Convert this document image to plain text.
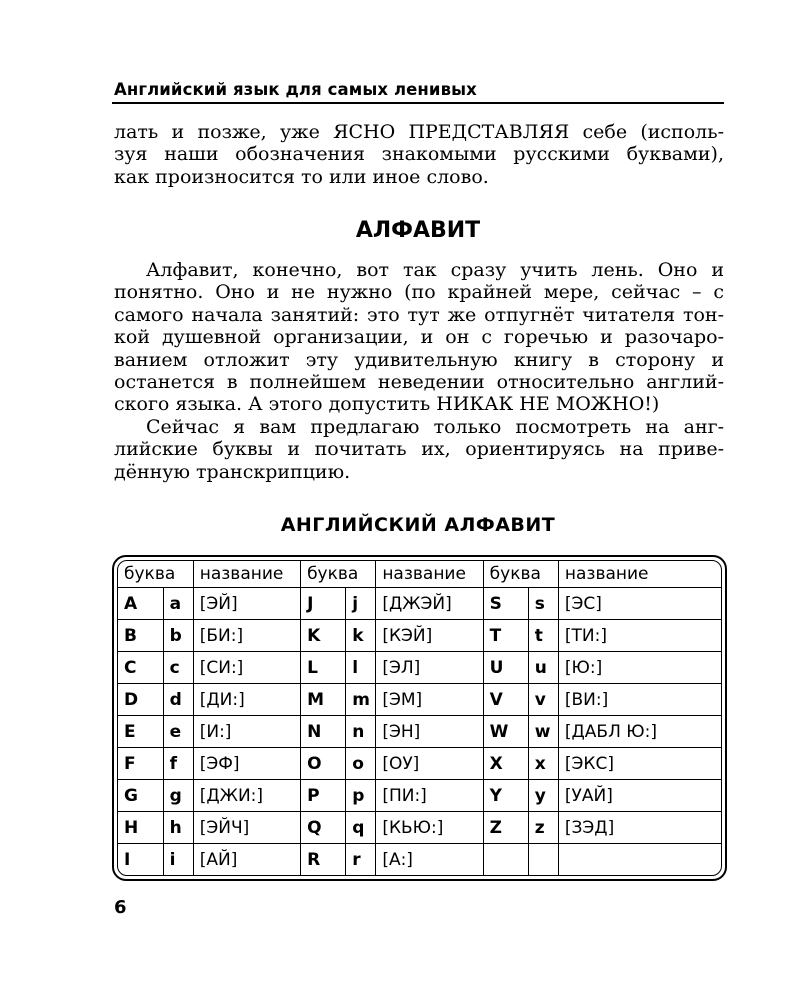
Английский язык для самых ленивых
лать и позже, уже ЯСНО ПРЕДСТАВЛЯЯ себе (исполь-
зуя наши обозначения знакомыми русскими буквами),
как произносится то или иное слово.
АЛФАВИТ
Алфавит, конечно, вот так сразу учить лень. Оно и
понятно. Оно и не нужно (по крайней мере, сейчас – с
самого начала занятий: это тут же отпугнёт читателя тон-
кой душевной организации, и он с горечью и разочаро-
ванием отложит эту удивительную книгу в сторону и
останется в полнейшем неведении относительно англий-
ского языка. А этого допустить НИКАК НЕ МОЖНО!)
Сейчас я вам предлагаю только посмотреть на анг-
лийские буквы и почитать их, ориентируясь на приве-
дённую транскрипцию.
АНГЛИЙСКИЙ АЛФАВИТ
буква		название	буква		название	буква		название
A	a	[ЭЙ]	J	j	[ДЖЭЙ]	S	s	[ЭС]
B	b	[БИ:]	K	k	[КЭЙ]	T	t	[ТИ:]
C	c	[СИ:]	L	l	[ЭЛ]	U	u	[Ю:]
D	d	[ДИ:]	M	m	[ЭМ]	V	v	[ВИ:]
E	e	[И:]	N	n	[ЭН]	W	w	[ДАБЛ Ю:]
F	f	[ЭФ]	O	o	[ОУ]	X	x	[ЭКС]
G	g	[ДЖИ:]	P	p	[ПИ:]	Y	y	[УАЙ]
H	h	[ЭЙЧ]	Q	q	[КЬЮ:]	Z	z	[ЗЭД]
I	i	[АЙ]	R	r	[А:]			
6
